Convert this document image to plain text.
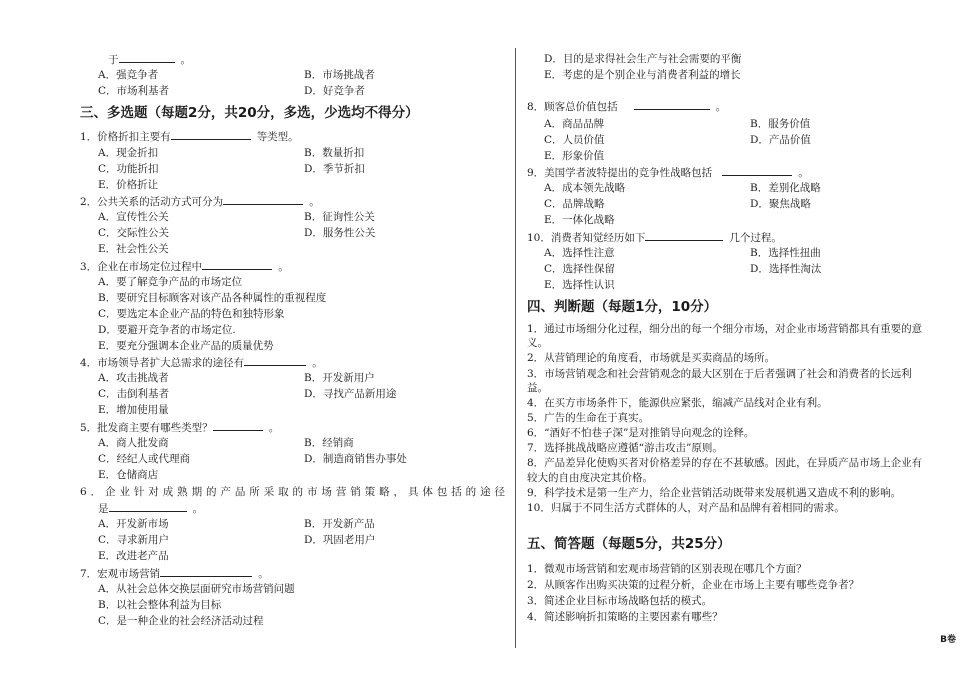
于	。
A．强竞争者	B．市场挑战者
C．市场利基者	D．好竞争者
三、多选题（每题2分，共20分，多选，少选均不得分）
1．价格折扣主要有	等类型。
A．现金折扣	B．数量折扣
C．功能折扣	D．季节折扣
E．价格折让
2．公共关系的活动方式可分为	。
A．宣传性公关	B．征询性公关
C．交际性公关	D．服务性公关
E．社会性公关
3．企业在市场定位过程中	。
A．要了解竞争产品的市场定位
B．要研究目标顾客对该产品各种属性的重视程度
C．要选定本企业产品的特色和独特形象
D．要避开竞争者的市场定位.
E．要充分强调本企业产品的质量优势
4．市场领导者扩大总需求的途径有	。
A．攻击挑战者	B．开发新用户
C．击倒利基者	D．寻找产品新用途
E．增加使用量
5．批发商主要有哪些类型？	。
A．商人批发商	B．经销商
C．经纪人或代理商	D．制造商销售办事处
E．仓储商店
6．企业针对成熟期的产品所采取的市场营销策略，具体包括的途径
是	。
A．开发新市场	B．开发新产品
C．寻求新用户	D．巩固老用户
E．改进老产品
7．宏观市场营销	。
A．从社会总体交换层面研究市场营销问题
B．以社会整体利益为目标
C．是一种企业的社会经济活动过程
D．目的是求得社会生产与社会需要的平衡
E．考虑的是个别企业与消费者利益的增长
8．顾客总价值包括	。
A．商品品牌	B．服务价值
C．人员价值	D．产品价值
E．形象价值
9．美国学者波特提出的竞争性战略包括	。
A．成本领先战略	B．差别化战略
C．品牌战略	D．聚焦战略
E．一体化战略
10．消费者知觉经历如下	几个过程。
A．选择性注意	B．选择性扭曲
C．选择性保留	D．选择性淘汰
E．选择性认识
四、判断题（每题1分，10分）
1．通过市场细分化过程，细分出的每一个细分市场，对企业市场营销都具有重要的意
义。
2．从营销理论的角度看，市场就是买卖商品的场所。
3．市场营销观念和社会营销观念的最大区别在于后者强调了社会和消费者的长远利
益。
4．在买方市场条件下，能源供应紧张，缩减产品线对企业有利。
5．广告的生命在于真实。
6．“酒好不怕巷子深”是对推销导向观念的诠释。
7．选择挑战战略应遵循“游击攻击”原则。
8．产品差异化使购买者对价格差异的存在不甚敏感。因此，在异质产品市场上企业有
较大的自由度决定其价格。
9．科学技术是第一生产力，给企业营销活动既带来发展机遇又造成不利的影响。
10．归属于不同生活方式群体的人，对产品和品牌有着相同的需求。
五、简答题（每题5分，共25分）
1．微观市场营销和宏观市场营销的区别表现在哪几个方面？
2．从顾客作出购买决策的过程分析，企业在市场上主要有哪些竞争者？
3．简述企业目标市场战略包括的模式。
4．简述影响折扣策略的主要因素有哪些？
B卷
